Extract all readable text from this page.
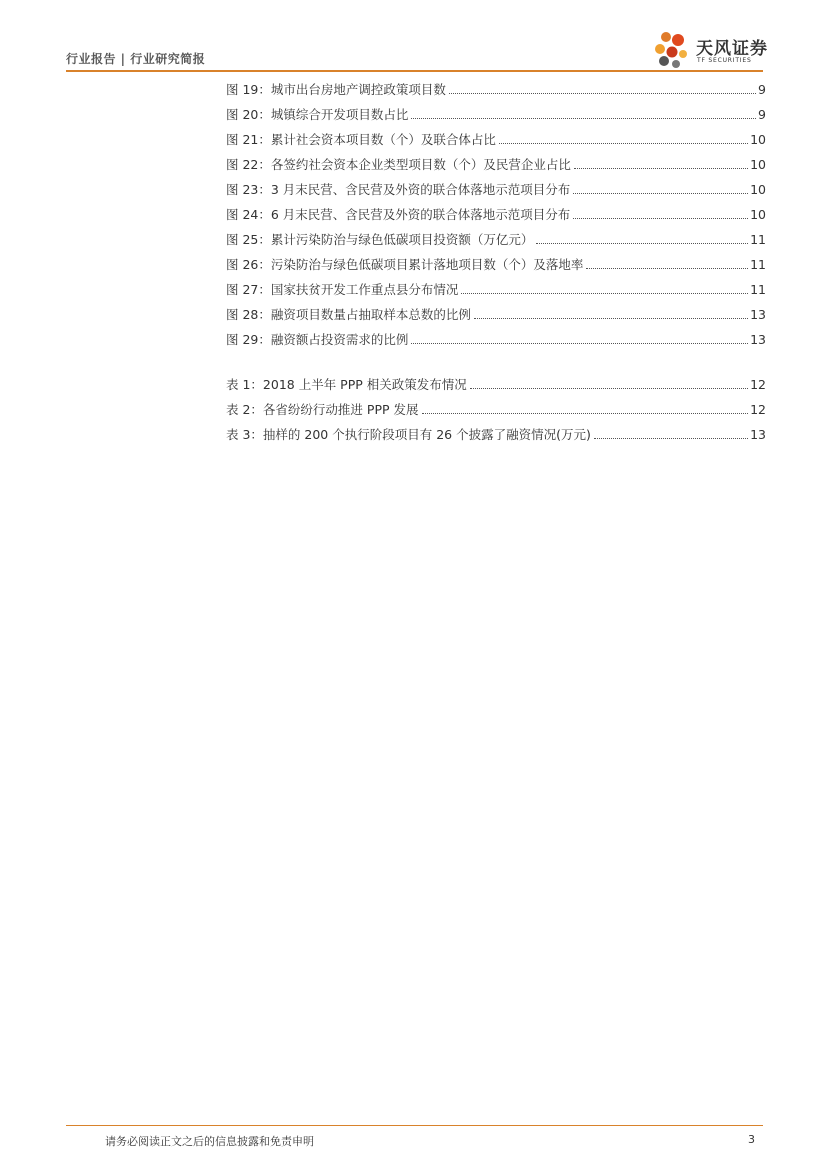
行业报告 | 行业研究简报	天风证券
TF SECURITIES
图 19：城市出台房地产调控政策项目数	9
图 20：城镇综合开发项目数占比	9
图 21：累计社会资本项目数（个）及联合体占比	10
图 22：各签约社会资本企业类型项目数（个）及民营企业占比	10
图 23：3 月末民营、含民营及外资的联合体落地示范项目分布	10
图 24：6 月末民营、含民营及外资的联合体落地示范项目分布	10
图 25：累计污染防治与绿色低碳项目投资额（万亿元）	11
图 26：污染防治与绿色低碳项目累计落地项目数（个）及落地率	11
图 27：国家扶贫开发工作重点县分布情况	11
图 28：融资项目数量占抽取样本总数的比例	13
图 29：融资额占投资需求的比例	13
表 1：2018 上半年 PPP 相关政策发布情况	12
表 2：各省纷纷行动推进 PPP 发展	12
表 3：抽样的 200 个执行阶段项目有 26 个披露了融资情况(万元)	13
请务必阅读正文之后的信息披露和免责申明	3
